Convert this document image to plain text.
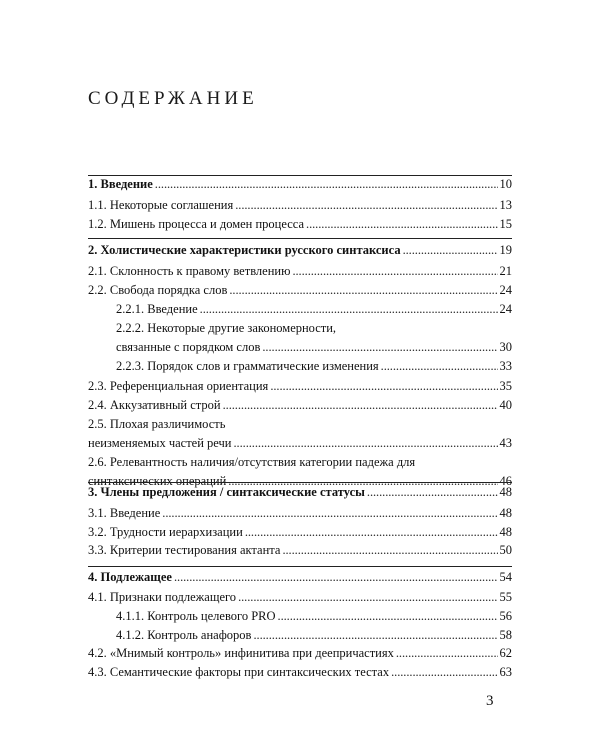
СОДЕРЖАНИЕ
1. Введение . . .	10
1.1. Некоторые соглашения . . .	13
1.2. Мишень процесса и домен процесса . . .	15
2. Холистические характеристики русского синтаксиса . . .	19
2.1. Склонность к правому ветвлению . . .	21
2.2. Свобода порядка слов . . .	24
2.2.1. Введение . . .	24
2.2.2. Некоторые другие закономерности,
связанные с порядком слов . . .	30
2.2.3. Порядок слов и грамматические изменения . . .	33
2.3. Референциальная ориентация . . .	35
2.4. Аккузативный строй . . .	40
2.5. Плохая различимость
неизменяемых частей речи . . .	43
2.6. Релевантность наличия/отсутствия категории падежа для
синтаксических операций . . .	46
3. Члены предложения / синтаксические статусы . . .	48
3.1. Введение . . .	48
3.2. Трудности иерархизации . . .	48
3.3. Критерии тестирования актанта . . .	50
4. Подлежащее . . .	54
4.1. Признаки подлежащего . . .	55
4.1.1. Контроль целевого PRO . . .	56
4.1.2. Контроль анафоров . . .	58
4.2. «Мнимый контроль» инфинитива при деепричастиях . . .	62
4.3. Семантические факторы при синтаксических тестах . . .	63
3
